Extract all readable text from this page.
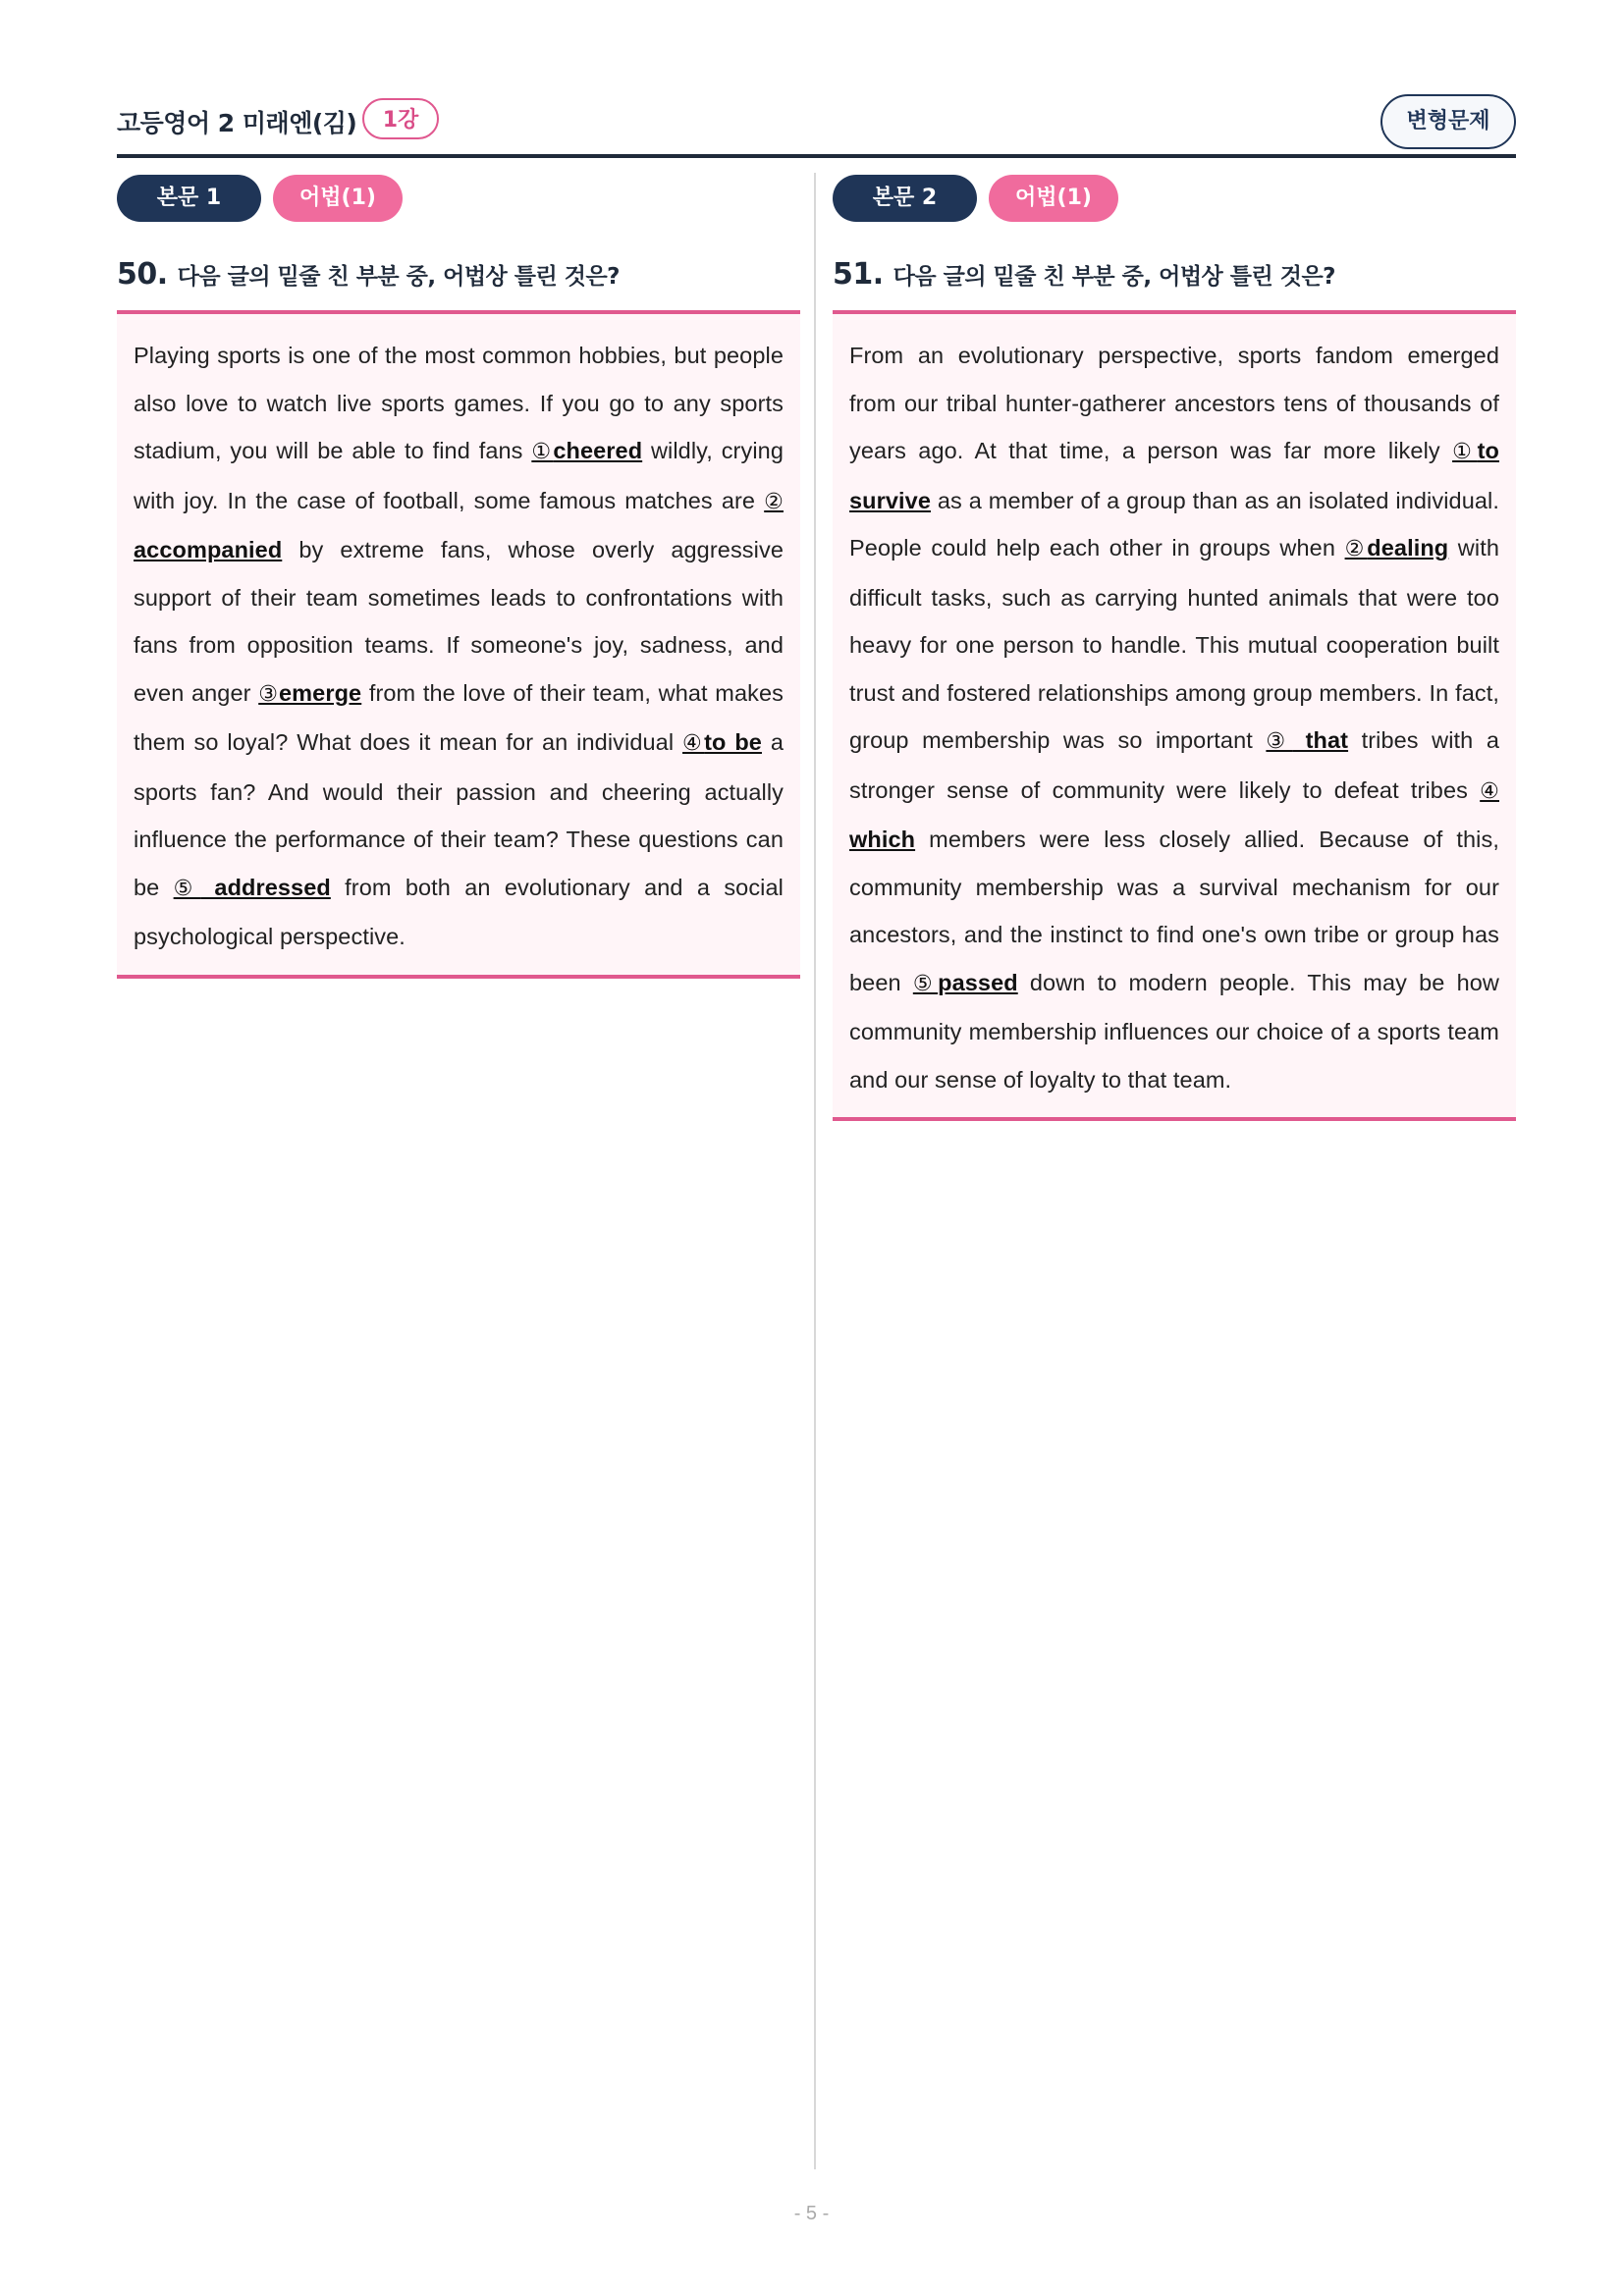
고등영어 2 미래엔(김)	1강	변형문제
본문 1	어법(1)
50. 다음 글의 밑줄 친 부분 중, 어법상 틀린 것은?

Playing sports is one of the most common hobbies, but people also love to watch live sports games. If you go to any sports stadium, you will be able to find fans ①cheered wildly, crying with joy. In the case of football, some famous matches are ② accompanied by extreme fans, whose overly aggressive support of their team sometimes leads to confrontations with fans from opposition teams. If someone's joy, sadness, and even anger ③emerge from the love of their team, what makes them so loyal? What does it mean for an individual ④to be a sports fan? And would their passion and cheering actually influence the performance of their team? These questions can be ⑤ addressed from both an evolutionary and a social psychological perspective.

본문 2	어법(1)
51. 다음 글의 밑줄 친 부분 중, 어법상 틀린 것은?

From an evolutionary perspective, sports fandom emerged from our tribal hunter-gatherer ancestors tens of thousands of years ago. At that time, a person was far more likely ①to survive as a member of a group than as an isolated individual. People could help each other in groups when ②dealing with difficult tasks, such as carrying hunted animals that were too heavy for one person to handle. This mutual cooperation built trust and fostered relationships among group members. In fact, group membership was so important ③ that tribes with a stronger sense of community were likely to defeat tribes ④ which members were less closely allied. Because of this, community membership was a survival mechanism for our ancestors, and the instinct to find one's own tribe or group has been ⑤passed down to modern people. This may be how community membership influences our choice of a sports team and our sense of loyalty to that team.

- 5 -
